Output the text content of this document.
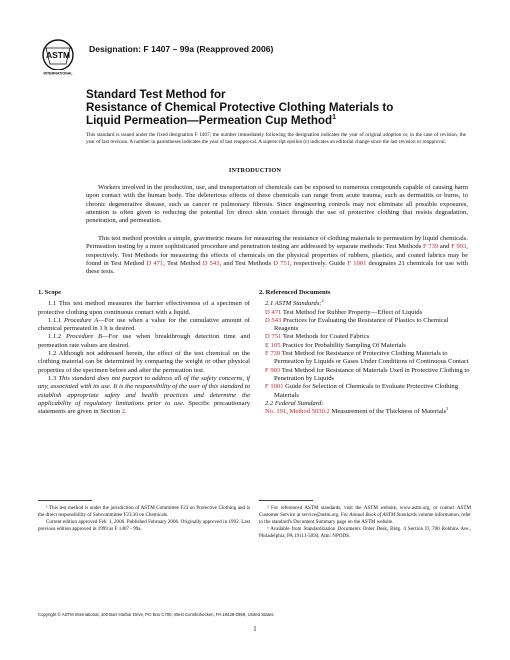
ASTM
INTERNATIONAL
Designation: F 1407 – 99a (Reapproved 2006)
Standard Test Method for
Resistance of Chemical Protective Clothing Materials to
Liquid Permeation—Permeation Cup Method$^1$
This standard is issued under the fixed designation F 1407; the number immediately following the designation indicates the year of original adoption or, in the case of revision, the year of last revision. A number in parentheses indicates the year of last reapproval. A superscript epsilon (ε) indicates an editorial change since the last revision or reapproval.
INTRODUCTION

Workers involved in the production, use, and transportation of chemicals can be exposed to numerous compounds capable of causing harm upon contact with the human body. The deleterious effects of these chemicals can range from acute trauma, such as dermatitis or burns, to chronic degenerative disease, such as cancer or pulmonary fibrosis. Since engineering controls may not eliminate all possible exposures, attention is often given to reducing the potential for direct skin contact through the use of protective clothing that resists degradation, penetration, and permeation.

This test method provides a simple, gravimetric means for measuring the resistance of clothing materials to permeation by liquid chemicals. Permeation testing by a more sophisticated procedure and penetration testing are addressed by separate methods: Test Methods F 739 and F 903, respectively. Test Methods for measuring the effects of chemicals on the physical properties of rubbers, plastics, and coated fabrics may be found in Test Method D 471, Test Method D 543, and Test Methods D 751, respectively. Guide F 1001 designates 21 chemicals for use with these tests.

1. Scope

1.1 This test method measures the barrier effectiveness of a specimen of protective clothing upon continuous contact with a liquid.

1.1.1 Procedure A—For use when a value for the cumulative amount of chemical permeated in 1 h is desired.

1.1.2 Procedure B—For use when breakthrough detection time and permeation rate values are desired.

1.2 Although not addressed herein, the effect of the test chemical on the clothing material can be determined by comparing the weight or other physical properties of the specimen before and after the permeation test.

1.3 This standard does not purport to address all of the safety concerns, if any, associated with its use. It is the responsibility of the user of this standard to establish appropriate safety and health practices and determine the applicability of regulatory limitations prior to use. Specific precautionary statements are given in Section 2.

2. Referenced Documents
2.1 ASTM Standards:$^2$
D 471 Test Method for Rubber Property—Effect of Liquids
D 543 Practices for Evaluating the Resistance of Plastics to Chemical Reagents
D 751 Test Methods for Coated Fabrics
E 105 Practice for Probability Sampling Of Materials
F 739 Test Method for Resistance of Protective Clothing Materials to Permeation by Liquids or Gases Under Conditions of Continuous Contact
F 903 Test Method for Resistance of Materials Used in Protective Clothing to Penetration by Liquids
F 1001 Guide for Selection of Chemicals to Evaluate Protective Clothing Materials
2.2 Federal Standard:
No. 191, Method 5030.2 Measurement of the Thickness of Materials$^3$

¹ This test method is under the jurisdiction of ASTM Committee F23 on Protective Clothing and is the direct responsibility of Subcommittee F23.30 on Chemicals.

Current edition approved Feb. 1, 2006. Published February 2006. Originally approved in 1992. Last previous edition approved in 1999 as F 1407 - 99a.

² For referenced ASTM standards, visit the ASTM website, www.astm.org, or contact ASTM Customer Service at service@astm.org. For Annual Book of ASTM Standards volume information, refer to the standard's Document Summary page on the ASTM website.

³ Available from Standardization Documents Order Desk, Bldg. 4 Section D, 700 Robbins Ave., Philadelphia, PA 19111-5094, Attn: NPODS.

Copyright © ASTM International, 100 Barr Harbor Drive, PO Box C700, West Conshohocken, PA 19428-2959, United States.
1
